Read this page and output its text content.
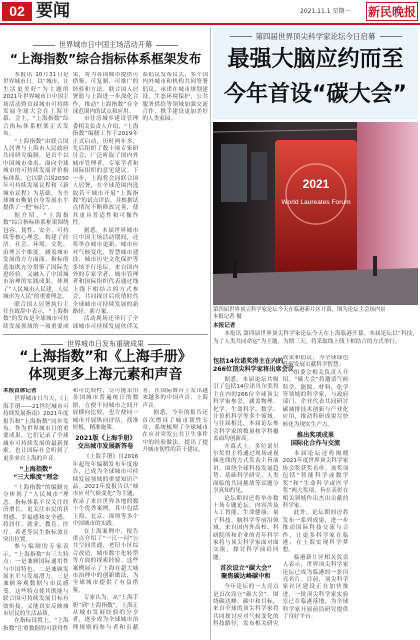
02 要闻	2021.11.1 星期一 新民晚报
世界城市日中国主场活动开幕
“上海指数”综合指标体系框架发布

本报讯 10月31日是世界城市日。以“城市，让生活更美好”为主题的2021年世界城市日中国主场活动暨首届城市可持续发展全球大会在上海开幕。会上，“上海指数”综合指标体系框架正式发布。

“上海指数”由联合国人居署与上海市人民政府共同研究编制，是首个以中国城市命名、面向全球城市的可持续发展评价指标体系。它以联合国2030年可持续发展议程和《新城市议程》为基础，为全球城市衡量自身发展水平提供了一把“标尺”。

据介绍，“上海指数”综合指标体系框架围绕包容、韧性、安全、可持续等核心理念，构建了经济、社会、环境、文化、治理五个维度，涵盖城市发展的方方面面。指标的选取既充分借鉴了国际先进经验，又融入了中国城市治理的实践成果，体现了“人民城市人民建，人民城市为人民”的重要理念。

联合国人居署执行主任在致辞中表示，“上海指数”的发布是全球城市可持续发展领域的一项重要成果，将为各国城市提供可借鉴、可复制、可推广的经验和方法。联合国人居署愿与上海进一步深化合作，推动“上海指数”在全球范围内的试点和应用。

市住房城乡建设管理委相关负责人介绍，“上海指数”编制工作于2019年正式启动，历时两年多，先后组织了数十场专家研讨会，广泛听取了国内外城市管理者、专家学者和国际组织的意见建议。下一步，上海将会同联合国人居署，在全球范围内选取若干城市开展“上海指数”的试点评估，并根据试点情况不断修改完善，使其更具普适性和可操作性。

据悉，本届世界城市日中国主场活动期间，还将举办城市更新、城市应对气候变化、智慧城市建设、城市历史文化保护等多场平行论坛。来自国内外的专家学者、城市管理者和国际组织代表通过线上线下相结合的方式参会，共同探讨后疫情时代全球城市可持续发展的新路径、新方案。

活动现场还举行了全球城市可持续发展伙伴关系倡议发布仪式，多个国内外城市和机构共同签署倡议，承诺在城市规划建设、生态环境保护、公共服务供给等领域加强交流合作，携手建设更加美好的人类家园。

世界城市日发布重磅成果
“上海指数”和《上海手册》
体现更多上海元素和声音
本报首席记者

世界城市日当天，《上海手册——21世纪城市可持续发展指南》2021年度报告和“上海指数”同步发布。作为世界城市日的重要成果，它们记录了全球城市可持续发展的最新探索，也让国际社会听到了更多来自上海的声音。

“上海指数”
“三大维度”理念

“上海指数”的编制充分体现了“人民城市”理念。指标体系不仅关注经济增长，更关注市民的获得感、幸福感和安全感，将居住、就业、教育、医疗、养老等民生指标放在突出位置。

参与编制的专家表示，“上海指数”有三大特点：一是兼顾国际通用性与中国特色，二是兼顾发展水平与发展潜力，三是兼顾客观数据与市民感受。这些特点使其既能与联合国可持续发展目标有效衔接，又能真实反映城市居民的生活品质。

在指标设置上，“上海指数”注重数据的可获得性和可比较性，尽可能采用各国城市普遍统计的数据，方便不同城市之间开展横向比较，也方便同一城市开展纵向评估，找准短板，精准施策。

2021版《上海手册》
交出城市发展新答卷

《上海手册》自2016年起每年编制发布年度报告，已成为全球城市可持续发展领域的重要知识产品。2021年度报告以“城市应对气候变化”为主题，收录了来自世界各地的数十个优秀案例，其中包括上海、北京、深圳等多个中国城市的实践。

在上海案例中，报告重点介绍了“一江一河”公共空间贯通、老旧小区综合改造、城市数字化转型等方面的探索经验。这些案例展示了上海在超大城市治理中的创新做法，为全球城市提供了有益借鉴。

专家认为，从“上海手册”到“上海指数”，上海正从城市发展经验的分享者，逐步成为全球城市治理规则的参与者和贡献者，在国际舞台上发出越来越多的中国声音、上海声音。

据悉，今年的报告还首次增设了城市韧性专章，系统梳理了全球城市在应对突发公共卫生事件中的经验做法，提出了提升城市韧性的若干建议。

第四届世界顶尖科学家论坛今日启幕
最强大脑应约而至
今年首设“碳大会”
2021
World Laureates Forum
第四届世界顶尖科学家论坛今天在临港新片区开幕，图为论坛主会场内景
本报记者 摄
本报记者
本报讯 第四届世界顶尖科学家论坛今天在上海临港开幕。本届论坛以“科技，为了人类共同命运”为主题，为期三天，将采取线上线下相结合的方式举行。
包括14位诺奖得主在内的
266位顶尖科学家将出席会议

据悉，本届论坛共吸引了包括14位诺贝尔奖得主在内的266位全球顶尖科学家参会，涵盖物理、化学、生命科学、数学、计算机科学等多个领域。与往届相比，本届论坛参会科学家的数量和学科覆盖面均创新高。

开幕式上，多位诺贝尔奖得主将通过现场或视频连线的方式发表主旨演讲，围绕全球科技发展趋势、基础科学研究、人类面临的共同挑战等议题分享真知灼见。

论坛期间还将举办数十场专题论坛，内容涉及人工智能、生命健康、量子科技、脑科学等前沿领域。来自国内外高校、科研院所和企业的青年科学家将与顶尖科学家面对面交流，探讨科学前沿问题。

首次设立“碳大会”
聚焦碳达峰碳中和

今年论坛的一大亮点是首次设立“碳大会”。围绕碳达峰、碳中和目标，来自全球的顶尖科学家将共同探讨应对气候变化的科技路径，发布相关研究成果和倡议，为全球绿色低碳发展贡献科学智慧。

组委会相关负责人介绍，“碳大会”将邀请气候科学、能源、材料、化学等领域的科学家，与政府部门、企业代表共同研讨碳减排技术创新与产业化应用，推动科研成果尽快转化为现实生产力。

推出奖项成果
国际化合作与交流

本届论坛还将揭晓2021年度世界顶尖科学家协会奖获奖名单。该奖项包括“智能科学或数学奖”和“生命科学或医学奖”两大奖项，旨在表彰在相关领域作出杰出贡献的科学家。

此外，论坛期间还将发布一系列成果，进一步推动国际科技交流与合作，让更多科学家在临港、在上海实现科学梦想。

临港新片区相关负责人表示，世界顶尖科学家论坛已成为临港的一张闪亮名片。目前，顶尖科学家社区建设正在加快推进，一批顶尖科学家实验室已在临港落地，为全球科学家开展前沿研究提供了良好平台。
